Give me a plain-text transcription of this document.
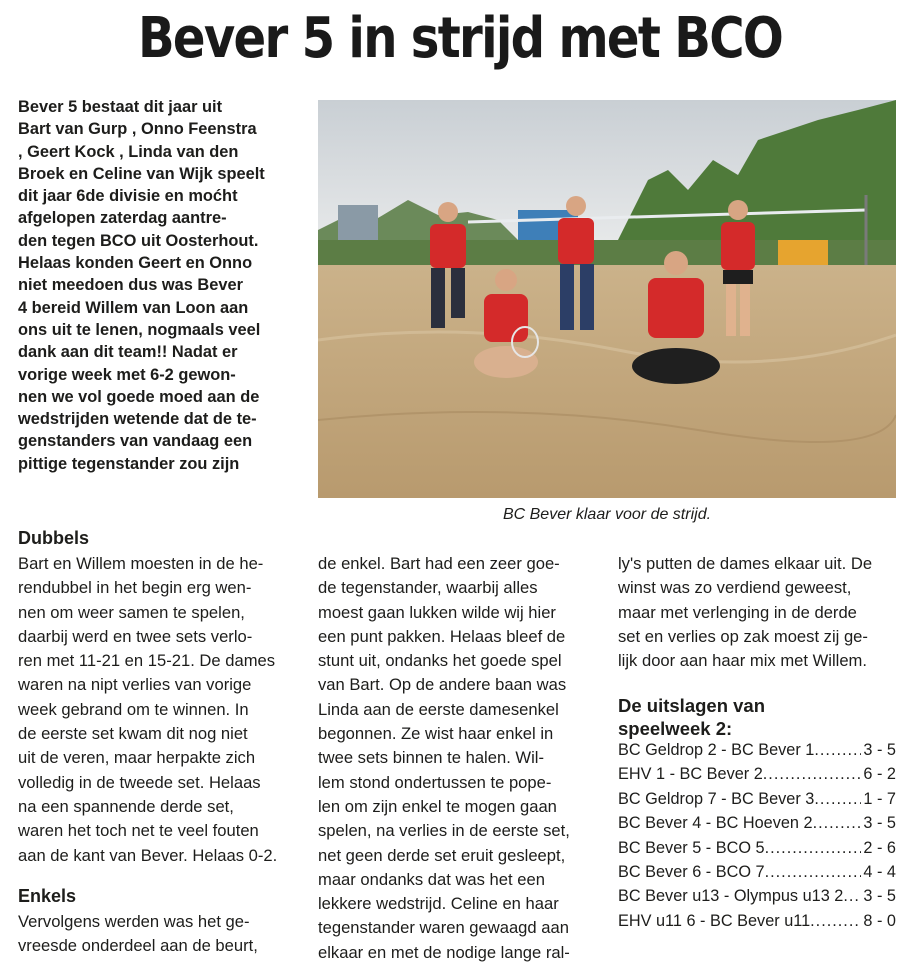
Bever 5 in strijd met BCO

Bever 5 bestaat dit jaar uit
Bart van Gurp , Onno Feenstra
, Geert Kock , Linda van den
Broek en Celine van Wijk speelt
dit jaar 6de divisie en moćht
afgelopen zaterdag aantre-
den tegen BCO uit Oosterhout.
Helaas konden Geert en Onno
niet meedoen dus was Bever
4 bereid Willem van Loon aan
ons uit te lenen, nogmaals veel
dank aan dit team!! Nadat er
vorige week met 6-2 gewon-
nen we vol goede moed aan de
wedstrijden wetende dat de te-
genstanders van vandaag een
pittige tegenstander zou zijn

BC Bever klaar voor de strijd.

Dubbels

Bart en Willem moesten in de he-
rendubbel in het begin erg wen-
nen om weer samen te spelen,
daarbij werd en twee sets verlo-
ren met 11-21 en 15-21. De dames
waren na nipt verlies van vorige
week gebrand om te winnen. In
de eerste set kwam dit nog niet
uit de veren, maar herpakte zich
volledig in de tweede set. Helaas
na een spannende derde set,
waren het toch net te veel fouten
aan de kant van Bever. Helaas 0-2.

Enkels

Vervolgens werden was het ge-
vreesde onderdeel aan de beurt,

de enkel. Bart had een zeer goe-
de tegenstander, waarbij alles
moest gaan lukken wilde wij hier
een punt pakken. Helaas bleef de
stunt uit, ondanks het goede spel
van Bart. Op de andere baan was
Linda aan de eerste damesenkel
begonnen. Ze wist haar enkel in
twee sets binnen te halen. Wil-
lem stond ondertussen te pope-
len om zijn enkel te mogen gaan
spelen, na verlies in de eerste set,
net geen derde set eruit gesleept,
maar ondanks dat was het een
lekkere wedstrijd. Celine en haar
tegenstander waren gewaagd aan
elkaar en met de nodige lange ral-

ly's putten de dames elkaar uit. De
winst was zo verdiend geweest,
maar met verlenging in de derde
set en verlies op zak moest zij ge-
lijk door aan haar mix met Willem.

De uitslagen van
speelweek 2:
BC Geldrop 2 - BC Bever 1 .....	3 - 5
EHV 1 - BC Bever 2 .....	6 - 2
BC Geldrop 7 - BC Bever 3 .....	1 - 7
BC Bever 4 - BC Hoeven 2 .....	3 - 5
BC Bever 5 - BCO 5 .....	2 - 6
BC Bever 6 - BCO 7 .....	4 - 4
BC Bever u13 - Olympus u13 2 ..... 3 - 5
EHV u11 6 - BC Bever u11 .....	8 - 0
